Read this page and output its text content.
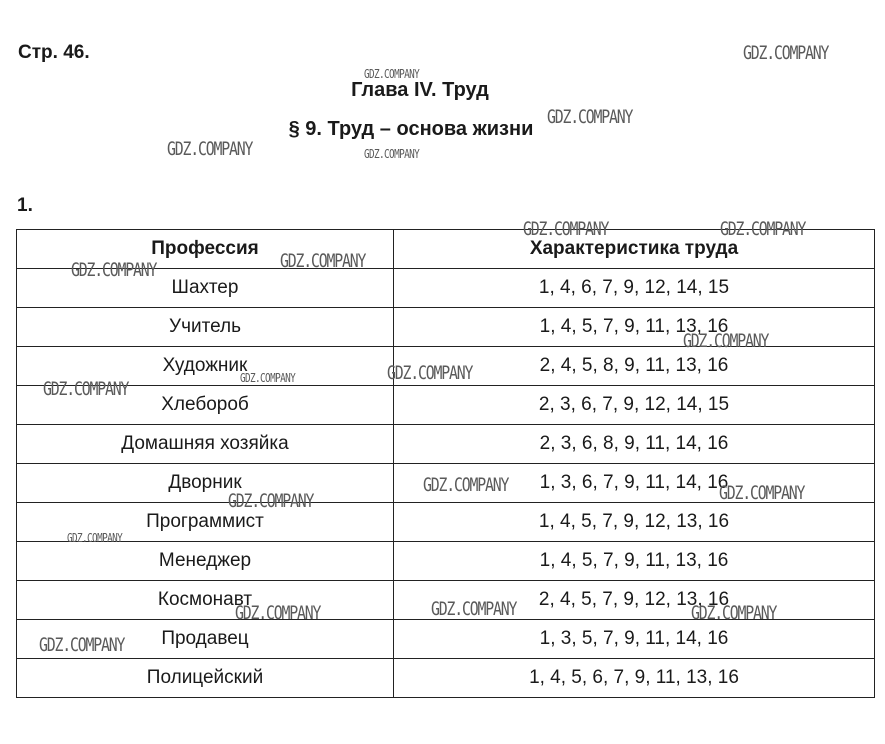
Стр. 46.
Глава IV. Труд
§ 9. Труд – основа жизни
1.
Профессия	Характеристика труда
Шахтер	1, 4, 6, 7, 9, 12, 14, 15
Учитель	1, 4, 5, 7, 9, 11, 13, 16
Художник	2, 4, 5, 8, 9, 11, 13, 16
Хлебороб	2, 3, 6, 7, 9, 12, 14, 15
Домашняя хозяйка	2, 3, 6, 8, 9, 11, 14, 16
Дворник	1, 3, 6, 7, 9, 11, 14, 16
Программист	1, 4, 5, 7, 9, 12, 13, 16
Менеджер	1, 4, 5, 7, 9, 11, 13, 16
Космонавт	2, 4, 5, 7, 9, 12, 13, 16
Продавец	1, 3, 5, 7, 9, 11, 14, 16
Полицейский	1, 4, 5, 6, 7, 9, 11, 13, 16
GDZ.COMPANY
GDZ.COMPANY
GDZ.COMPANY
GDZ.COMPANY	GDZ.COMPANY
GDZ.COMPANY	GDZ.COMPANY
GDZ.COMPANY
GDZ.COMPANY
GDZ.COMPANY
GDZ.COMPANY
GDZ.COMPANY
GDZ.COMPANY
GDZ.COMPANY	GDZ.COMPANY
GDZ.COMPANY
GDZ.COMPANY
GDZ.COMPANY
GDZ.COMPANY	GDZ.COMPANY
GDZ.COMPANY
